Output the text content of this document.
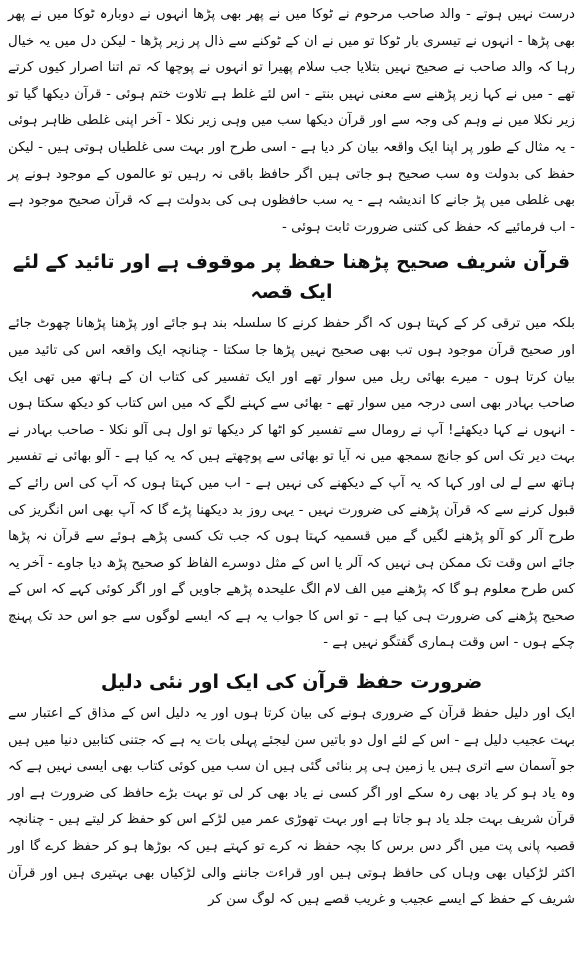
درست نہیں ہوتے - والد صاحب مرحوم نے ٹوکا میں نے پھر بھی پڑھا انہوں نے دوبارہ ٹوکا میں نے پھر بھی پڑھا - انہوں نے تیسری بار ٹوکا تو میں نے ان کے ٹوکنے سے ذال پر زیر پڑھا - لیکن دل میں یہ خیال رہا کہ والد صاحب نے صحیح نہیں بتلایا جب سلام پھیرا تو انہوں نے پوچھا کہ تم اتنا اصرار کیوں کرتے تھے - میں نے کہا زیر پڑھنے سے معنی نہیں بنتے - اس لئے غلط ہے تلاوت ختم ہوئی - قرآن دیکھا گیا تو زیر نکلا میں نے وہم کی وجہ سے اور قرآن دیکھا سب میں وہی زیر نکلا - آخر اپنی غلطی ظاہر ہوئی - یہ مثال کے طور پر اپنا ایک واقعہ بیان کر دیا ہے - اسی طرح اور بہت سی غلطیاں ہوتی ہیں - لیکن حفظ کی بدولت وہ سب صحیح ہو جاتی ہیں اگر حافظ باقی نہ رہیں تو عالموں کے موجود ہونے پر بھی غلطی میں پڑ جانے کا اندیشہ ہے - یہ سب حافظوں ہی کی بدولت ہے کہ قرآن صحیح موجود ہے - اب فرمائیے کہ حفظ کی کتنی ضرورت ثابت ہوئی -

قرآن شریف صحیح پڑھنا حفظ پر موقوف ہے اور تائید کے لئے ایک قصہ

بلکہ میں ترقی کر کے کہتا ہوں کہ اگر حفظ کرنے کا سلسلہ بند ہو جائے اور پڑھنا پڑھانا چھوٹ جائے اور صحیح قرآن موجود ہوں تب بھی صحیح نہیں پڑھا جا سکتا - چنانچہ ایک واقعہ اس کی تائید میں بیان کرتا ہوں - میرے بھائی ریل میں سوار تھے اور ایک تفسیر کی کتاب ان کے ہاتھ میں تھی ایک صاحب بہادر بھی اسی درجہ میں سوار تھے - بھائی سے کہنے لگے کہ میں اس کتاب کو دیکھ سکتا ہوں - انہوں نے کہا دیکھئے! آپ نے رومال سے تفسیر کو اٹھا کر دیکھا تو اول ہی آلو نکلا - صاحب بہادر نے بہت دیر تک اس کو جانچ سمجھ میں نہ آیا تو بھائی سے پوچھتے ہیں کہ یہ کیا ہے - آلو بھائی نے تفسیر ہاتھ سے لے لی اور کہا کہ یہ آپ کے دیکھنے کی نہیں ہے - اب میں کہتا ہوں کہ آپ کی اس رائے کے قبول کرنے سے کہ قرآن پڑھنے کی ضرورت نہیں - یہی روز بد دیکھنا پڑے گا کہ آپ بھی اس انگریز کی طرح آلر کو آلو پڑھنے لگیں گے میں قسمیہ کہتا ہوں کہ جب تک کسی پڑھے ہوئے سے قرآن نہ پڑھا جائے اس وقت تک ممکن ہی نہیں کہ آلر یا اس کے مثل دوسرے الفاظ کو صحیح پڑھ دیا جاوے - آخر یہ کس طرح معلوم ہو گا کہ پڑھنے میں الف لام الگ علیحدہ پڑھے جاویں گے اور اگر کوئی کہے کہ اس کے صحیح پڑھنے کی ضرورت ہی کیا ہے - تو اس کا جواب یہ ہے کہ ایسے لوگوں سے جو اس حد تک پہنچ چکے ہوں - اس وقت ہماری گفتگو نہیں ہے -

ضرورت حفظ قرآن کی ایک اور نئی دلیل

ایک اور دلیل حفظ قرآن کے ضروری ہونے کی بیان کرتا ہوں اور یہ دلیل اس کے مذاق کے اعتبار سے بہت عجیب دلیل ہے - اس کے لئے اول دو باتیں سن لیجئے پہلی بات یہ ہے کہ جتنی کتابیں دنیا میں ہیں جو آسمان سے اتری ہیں یا زمین ہی پر بنائی گئی ہیں ان سب میں کوئی کتاب بھی ایسی نہیں ہے کہ وہ یاد ہو کر یاد بھی رہ سکے اور اگر کسی نے یاد بھی کر لی تو بہت بڑے حافظ کی ضرورت ہے اور قرآن شریف بہت جلد یاد ہو جاتا ہے اور بہت تھوڑی عمر میں لڑکے اس کو حفظ کر لیتے ہیں - چنانچہ قصبہ پانی پت میں اگر دس برس کا بچہ حفظ نہ کرے تو کہتے ہیں کہ بوڑھا ہو کر حفظ کرے گا اور اکثر لڑکیاں بھی وہاں کی حافظ ہوتی ہیں اور قراءت جاننے والی لڑکیاں بھی بہتیری ہیں اور قرآن شریف کے حفظ کے ایسے عجیب و غریب قصے ہیں کہ لوگ سن کر
